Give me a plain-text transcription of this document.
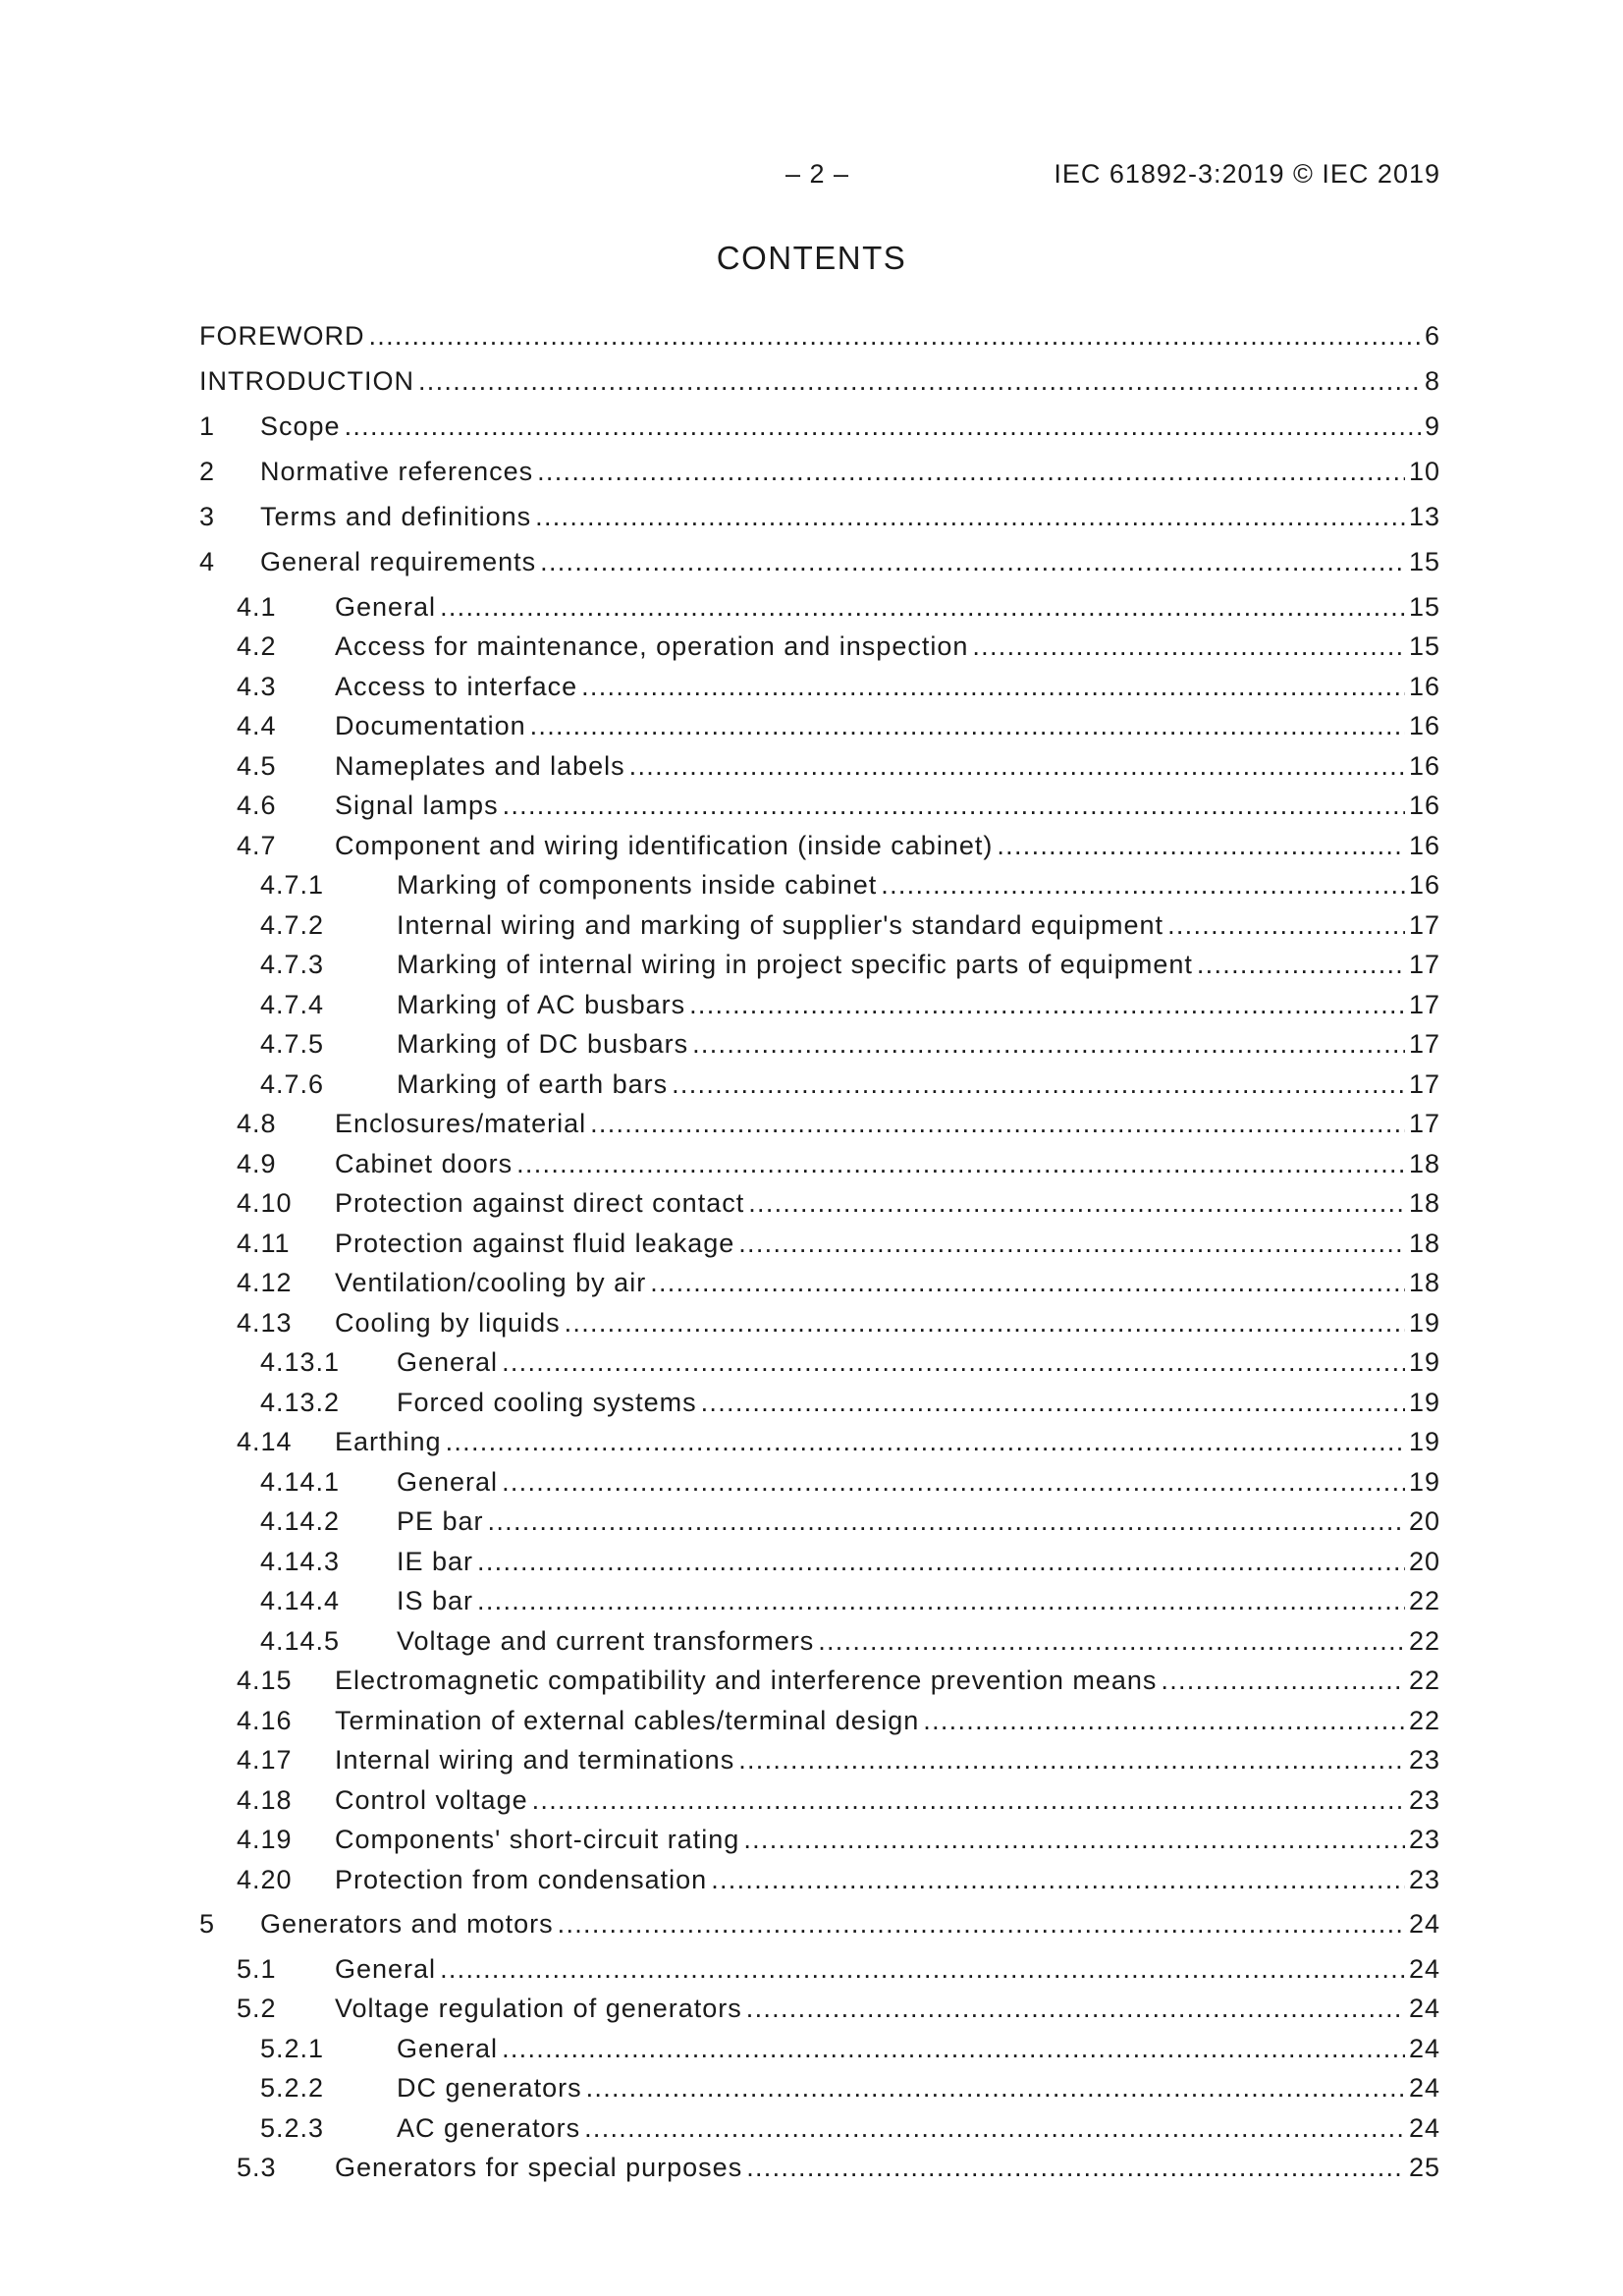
– 2 –	IEC 61892-3:2019 © IEC 2019
CONTENTS
FOREWORD .....	6
INTRODUCTION .....	8
1	Scope .....	9
2	Normative references .....	10
3	Terms and definitions .....	13
4	General requirements .....	15
4.1 General .....	15
4.2 Access for maintenance, operation and inspection .....	15
4.3 Access to interface .....	16
4.4 Documentation .....	16
4.5 Nameplates and labels .....	16
4.6 Signal lamps .....	16
4.7 Component and wiring identification (inside cabinet) .....	16
4.7.1	Marking of components inside cabinet .....	16
4.7.2	Internal wiring and marking of supplier's standard equipment .....	17
4.7.3	Marking of internal wiring in project specific parts of equipment .....	17
4.7.4	Marking of AC busbars .....	17
4.7.5	Marking of DC busbars .....	17
4.7.6	Marking of earth bars .....	17
4.8 Enclosures/material .....	17
4.9 Cabinet doors .....	18
4.10 Protection against direct contact .....	18
4.11 Protection against fluid leakage .....	18
4.12 Ventilation/cooling by air .....	18
4.13 Cooling by liquids .....	19
4.13.1 General .....	19
4.13.2 Forced cooling systems .....	19
4.14 Earthing .....	19
4.14.1 General .....	19
4.14.2 PE bar .....	20
4.14.3 IE bar .....	20
4.14.4 IS bar .....	22
4.14.5 Voltage and current transformers .....	22
4.15 Electromagnetic compatibility and interference prevention means .....	22
4.16 Termination of external cables/terminal design .....	22
4.17 Internal wiring and terminations .....	23
4.18 Control voltage .....	23
4.19 Components' short-circuit rating .....	23
4.20 Protection from condensation .....	23
5	Generators and motors .....	24
5.1 General .....	24
5.2 Voltage regulation of generators .....	24
5.2.1	General .....	24
5.2.2	DC generators .....	24
5.2.3	AC generators .....	24
5.3 Generators for special purposes .....	25
